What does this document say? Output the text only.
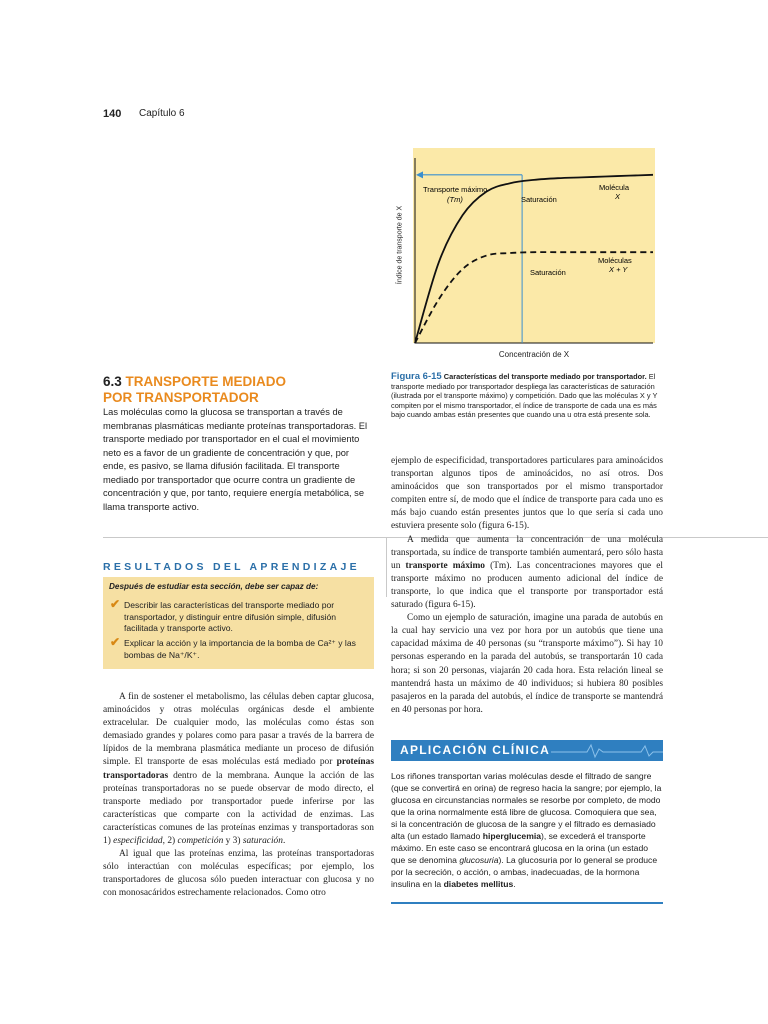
140 Capítulo 6
Transporte máximo
(Tm)	Saturación
Molécula
X
Saturación
Moléculas
X + Y
Índice de transporte de X
Concentración de X
Figura 6-15 Características del transporte mediado por transportador. El transporte mediado por transportador despliega las características de saturación (ilustrada por el transporte máximo) y competición. Dado que las moléculas X y Y compiten por el mismo transportador, el índice de transporte de cada una es más bajo cuando ambas están presentes que cuando una u otra está presente sola.
6.3 TRANSPORTE MEDIADO
POR TRANSPORTADOR
Las moléculas como la glucosa se transportan a través de membranas plasmáticas mediante proteínas transportadoras. El transporte mediado por transportador en el cual el movimiento neto es a favor de un gradiente de concentración y que, por ende, es pasivo, se llama difusión facilitada. El transporte mediado por transportador que ocurre contra un gradiente de concentración y que, por tanto, requiere energía metabólica, se llama transporte activo.
RESULTADOS DEL APRENDIZAJE
Después de estudiar esta sección, debe ser capaz de:
✔ Describir las características del transporte mediado por transportador, y distinguir entre difusión simple, difusión facilitada y transporte activo.
✔ Explicar la acción y la importancia de la bomba de Ca²⁺ y las bombas de Na⁺/K⁺.

A fin de sostener el metabolismo, las células deben captar glucosa, aminoácidos y otras moléculas orgánicas desde el ambiente extracelular. De cualquier modo, las moléculas como éstas son demasiado grandes y polares como para pasar a través de la barrera de lípidos de la membrana plasmática mediante un proceso de difusión simple. El transporte de esas moléculas está mediado por proteínas transportadoras dentro de la membrana. Aunque la acción de las proteínas transportadoras no se puede observar de modo directo, el transporte mediado por transportador puede inferirse por las características que comparte con la actividad de enzimas. Las características comunes de las proteínas enzimas y transportadoras son 1) especificidad, 2) competición y 3) saturación.

Al igual que las proteínas enzima, las proteínas transportadoras sólo interactúan con moléculas específicas; por ejemplo, los transportadores de glucosa sólo pueden interactuar con glucosa y no con monosacáridos estrechamente relacionados. Como otro

ejemplo de especificidad, transportadores particulares para aminoácidos transportan algunos tipos de aminoácidos, no así otros. Dos aminoácidos que son transportados por el mismo transportador compiten entre sí, de modo que el índice de transporte para cada uno es más bajo cuando están presentes juntos que lo que sería si cada uno estuviera presente solo (figura 6-15).

A medida que aumenta la concentración de una molécula transportada, su índice de transporte también aumentará, pero sólo hasta un transporte máximo (Tm). Las concentraciones mayores que el transporte máximo no producen aumento adicional del índice de transporte, lo que indica que el transporte por transportador está saturado (figura 6-15).

Como un ejemplo de saturación, imagine una parada de autobús en la cual hay servicio una vez por hora por un autobús que tiene una capacidad máxima de 40 personas (su “transporte máximo”). Si hay 10 personas esperando en la parada del autobús, se transportarán 10 cada hora; si son 20 personas, viajarán 20 cada hora. Esta relación lineal se mantendrá hasta un máximo de 40 individuos; si hubiera 80 posibles pasajeros en la parada del autobús, el índice de transporte se mantendrá en 40 personas por hora.

APLICACIÓN CLÍNICA
Los riñones transportan varias moléculas desde el filtrado de sangre (que se convertirá en orina) de regreso hacia la sangre; por ejemplo, la glucosa en circunstancias normales se resorbe por completo, de modo que la orina normalmente está libre de glucosa. Comoquiera que sea, si la concentración de glucosa de la sangre y el filtrado es demasiado alta (un estado llamado hiperglucemia), se excederá el transporte máximo. En este caso se encontrará glucosa en la orina (un estado que se denomina glucosuria). La glucosuria por lo general se produce por la secreción, o acción, o ambas, inadecuadas, de la hormona insulina en la diabetes mellitus.
